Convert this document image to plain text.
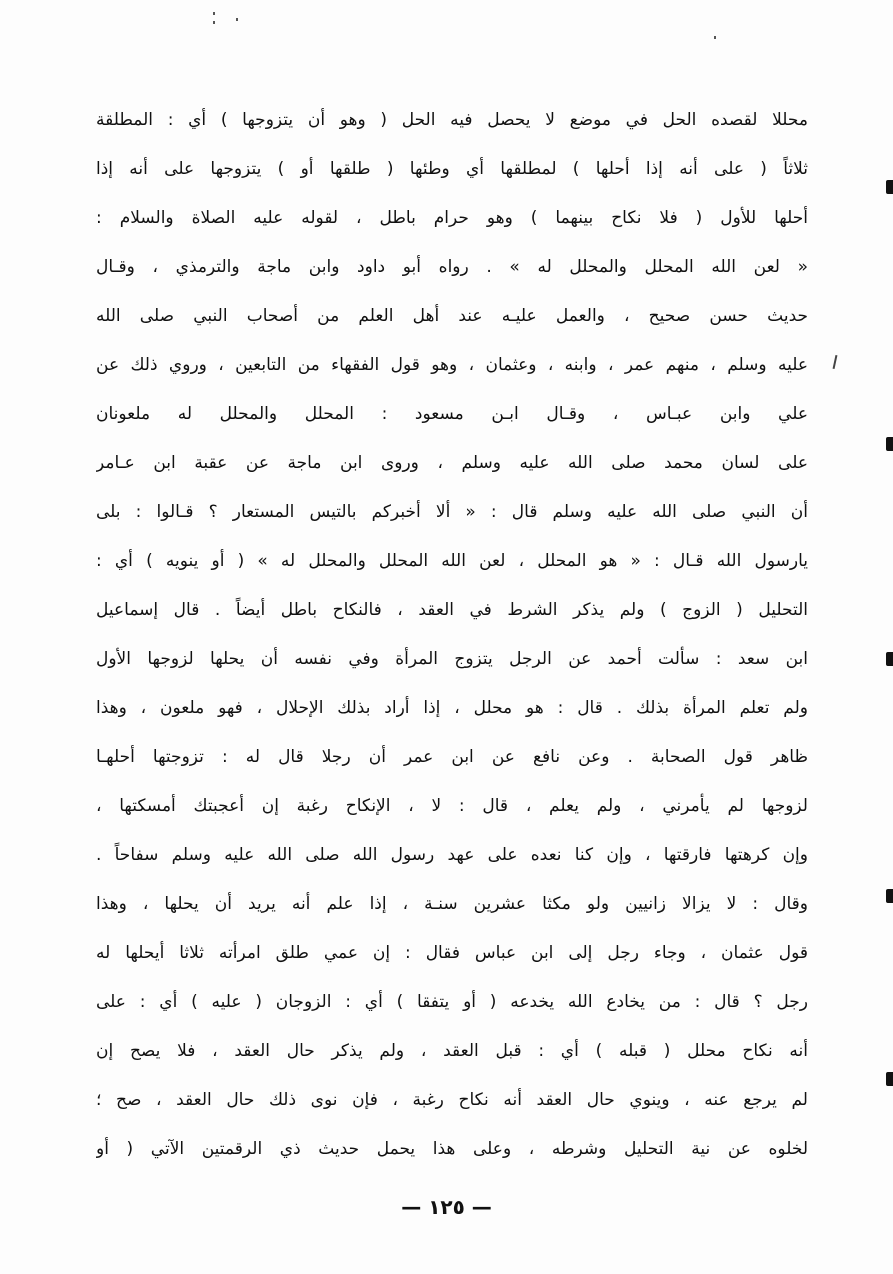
محللا لقصده الحل في موضع لا يحصل فيه الحل ( وهو أن يتزوجها ) أي : المطلقة
ثلاثاً ( على أنه إذا أحلها ) لمطلقها أي وطئها ( طلقها أو ) يتزوجها على أنه إذا
أحلها للأول ( فلا نكاح بينهما ) وهو حرام باطل ، لقوله عليه الصلاة والسلام :
« لعن الله المحلل والمحلل له » . رواه أبو داود وابن ماجة والترمذي ، وقـال
حديث حسن صحيح ، والعمل عليـه عند أهل العلم من أصحاب النبي صلى الله
عليه وسلم ، منهم عمر ، وابنه ، وعثمان ، وهو قول الفقهاء من التابعين ، وروي ذلك عن
علي وابن عبـاس ، وقـال ابـن مسعود : المحلل والمحلل له ملعونان
على لسان محمد صلى الله عليه وسلم ، وروى ابن ماجة عن عقبة ابن عـامر
أن النبي صلى الله عليه وسلم قال : « ألا أخبركم بالتيس المستعار ؟ قـالوا : بلى
يارسول الله قـال : « هو المحلل ، لعن الله المحلل والمحلل له » ( أو ينويه ) أي :
التحليل ( الزوج ) ولم يذكر الشرط في العقد ، فالنكاح باطل أيضاً . قال إسماعيل
ابن سعد : سألت أحمد عن الرجل يتزوج المرأة وفي نفسه أن يحلها لزوجها الأول
ولم تعلم المرأة بذلك . قال : هو محلل ، إذا أراد بذلك الإحلال ، فهو ملعون ، وهذا
ظاهر قول الصحابة . وعن نافع عن ابن عمر أن رجلا قال له : تزوجتها أحلهـا
لزوجها لم يأمرني ، ولم يعلم ، قال : لا ، الإنكاح رغبة إن أعجبتك أمسكتها ،
وإن كرهتها فارقتها ، وإن كنا نعده على عهد رسول الله صلى الله عليه وسلم سفاحاً .
وقال : لا يزالا زانيين ولو مكثا عشرين سنـة ، إذا علم أنه يريد أن يحلها ، وهذا
قول عثمان ، وجاء رجل إلى ابن عباس فقال : إن عمي طلق امرأته ثلاثا أيحلها له
رجل ؟ قال : من يخادع الله يخدعه ( أو يتفقا ) أي : الزوجان ( عليه ) أي : على
أنه نكاح محلل ( قبله ) أي : قبل العقد ، ولم يذكر حال العقد ، فلا يصح إن
لم يرجع عنه ، وينوي حال العقد أنه نكاح رغبة ، فإن نوى ذلك حال العقد ، صح ؛
لخلوه عن نية التحليل وشرطه ، وعلى هذا يحمل حديث ذي الرقمتين الآتي ( أو
— ١٢٥ —
